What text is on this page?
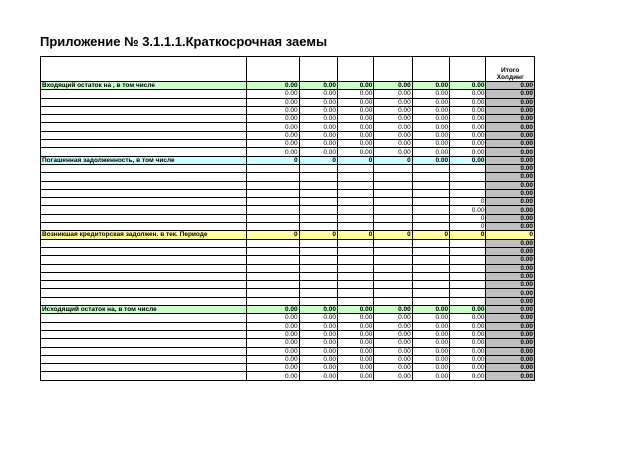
Приложение № 3.1.1.1.Краткосрочная заемы
							Итого
Холдинг
Входящий остаток на , в том числе	0.00	0.00	0.00	0.00	0.00	0.00	0.00
	0.00	0.00	0.00	0.00	0.00	0.00	0.00
	0.00	0.00	0.00	0.00	0.00	0.00	0.00
	0.00	0.00	0.00	0.00	0.00	0.00	0.00
	0.00	0.00	0.00	0.00	0.00	0.00	0.00
	0.00	0.00	0.00	0.00	0.00	0.00	0.00
	0.00	0.00	0.00	0.00	0.00	0.00	0.00
	0.00	0.00	0.00	0.00	0.00	0.00	0.00
	0.00	0.00	0.00	0.00	0.00	0.00	0.00
Погашенная задолженность, в том числе	0	0	0	0	0.00	0.00	0.00
							0.00
							0.00
							0.00
							0.00
						0	0.00
						0.00	0.00
						0	0.00
						0	0.00
Возникшая кредиторская задолжен. в тек. Периоде	0	0	0	0	0	0	0
							0.00
							0.00
							0.00
							0.00
							0.00
							0.00
							0.00
							0.00
Исходящий остаток на, в том числе	0.00	0.00	0.00	0.00	0.00	0.00	0.00
	0.00	0.00	0.00	0.00	0.00	0.00	0.00
	0.00	0.00	0.00	0.00	0.00	0.00	0.00
	0.00	0.00	0.00	0.00	0.00	0.00	0.00
	0.00	0.00	0.00	0.00	0.00	0.00	0.00
	0.00	0.00	0.00	0.00	0.00	0.00	0.00
	0.00	0.00	0.00	0.00	0.00	0.00	0.00
	0.00	0.00	0.00	0.00	0.00	0.00	0.00
	0.00	0.00	0.00	0.00	0.00	0.00	0.00
